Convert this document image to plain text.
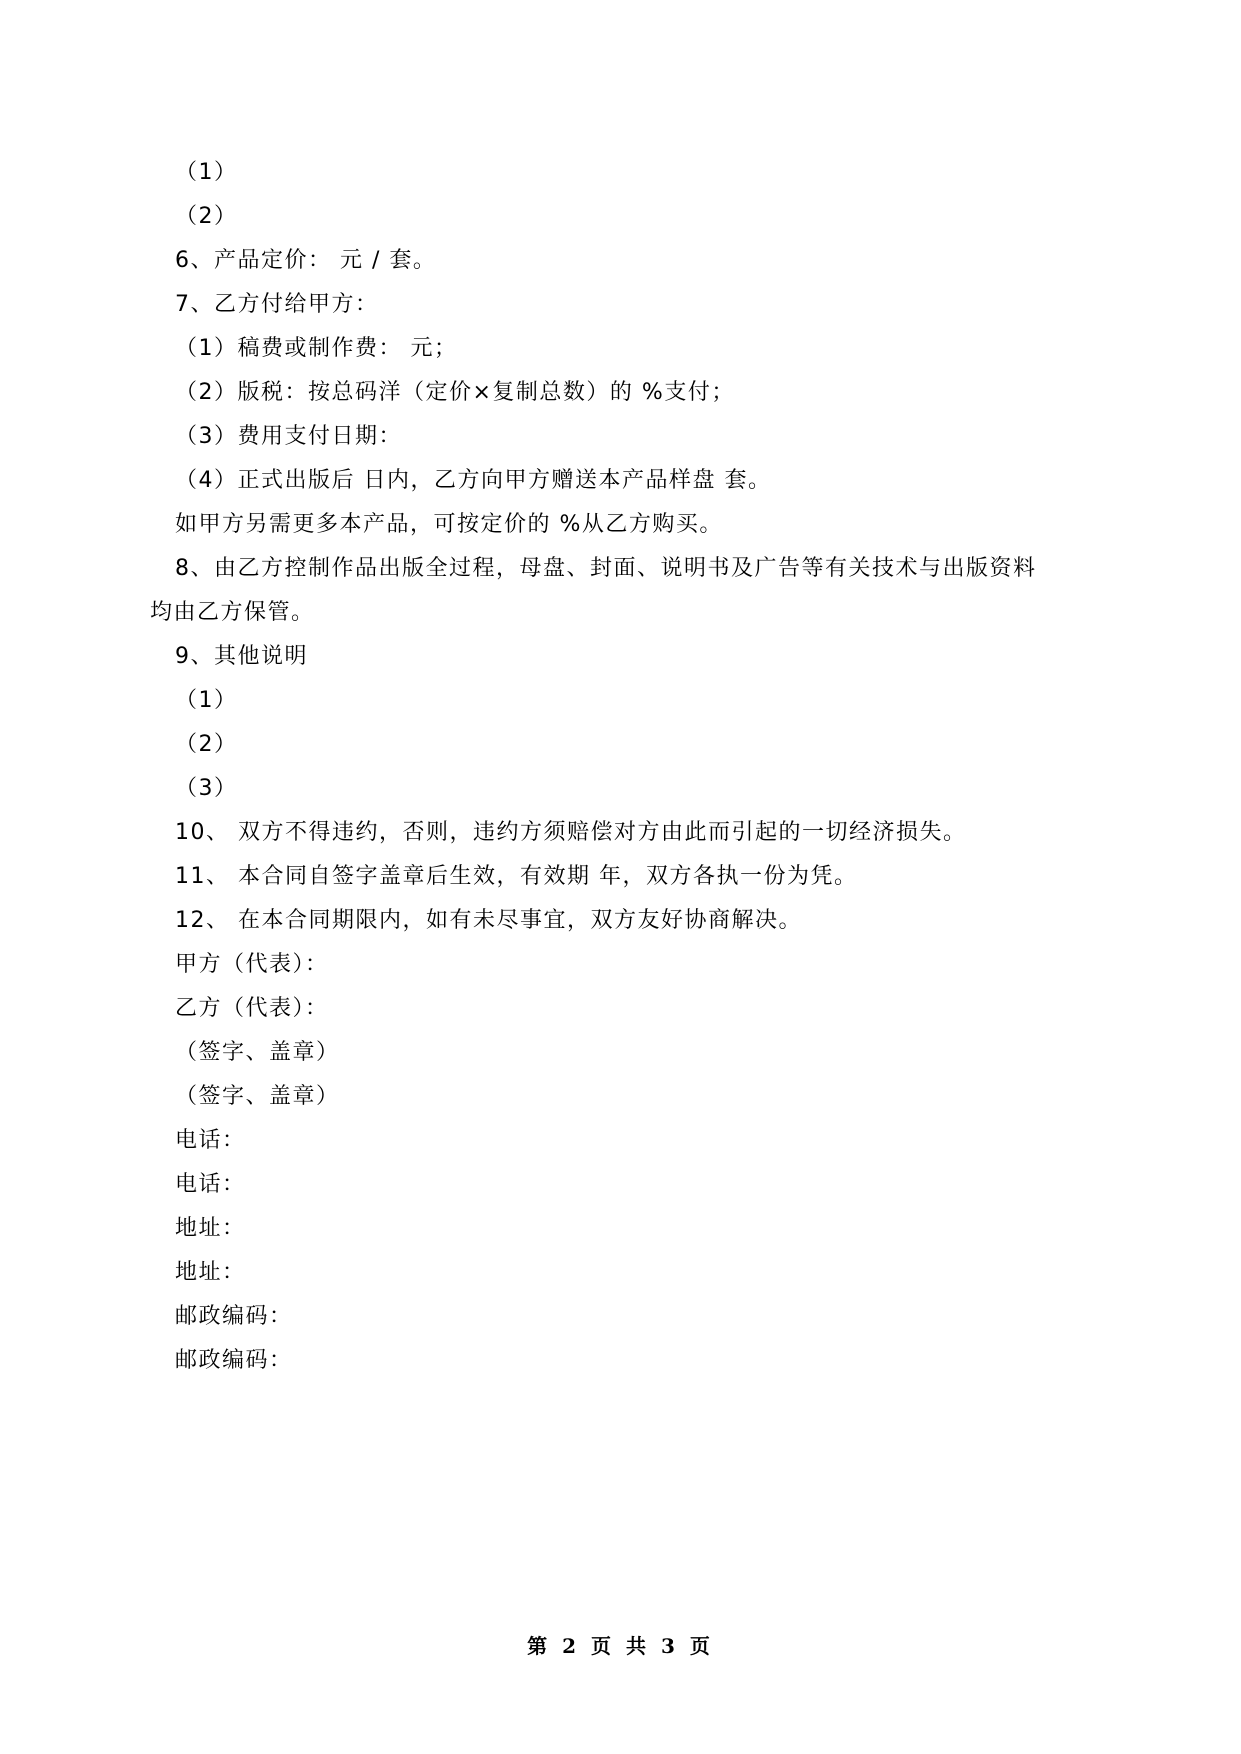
（1）
（2）
6、产品定价： 元 / 套。
7、乙方付给甲方：
（1）稿费或制作费： 元；
（2）版税：按总码洋（定价×复制总数）的 %支付；
（3）费用支付日期：
（4）正式出版后 日内，乙方向甲方赠送本产品样盘 套。
如甲方另需更多本产品，可按定价的 %从乙方购买。
8、由乙方控制作品出版全过程，母盘、封面、说明书及广告等有关技术与出版资料
均由乙方保管。
9、其他说明
（1）
（2）
（3）
10、 双方不得违约，否则，违约方须赔偿对方由此而引起的一切经济损失。
11、 本合同自签字盖章后生效，有效期 年，双方各执一份为凭。
12、 在本合同期限内，如有未尽事宜，双方友好协商解决。
甲方（代表）：
乙方（代表）：
（签字、盖章）
（签字、盖章）
电话：
电话：
地址：
地址：
邮政编码：
邮政编码：
第 2 页 共 3 页
